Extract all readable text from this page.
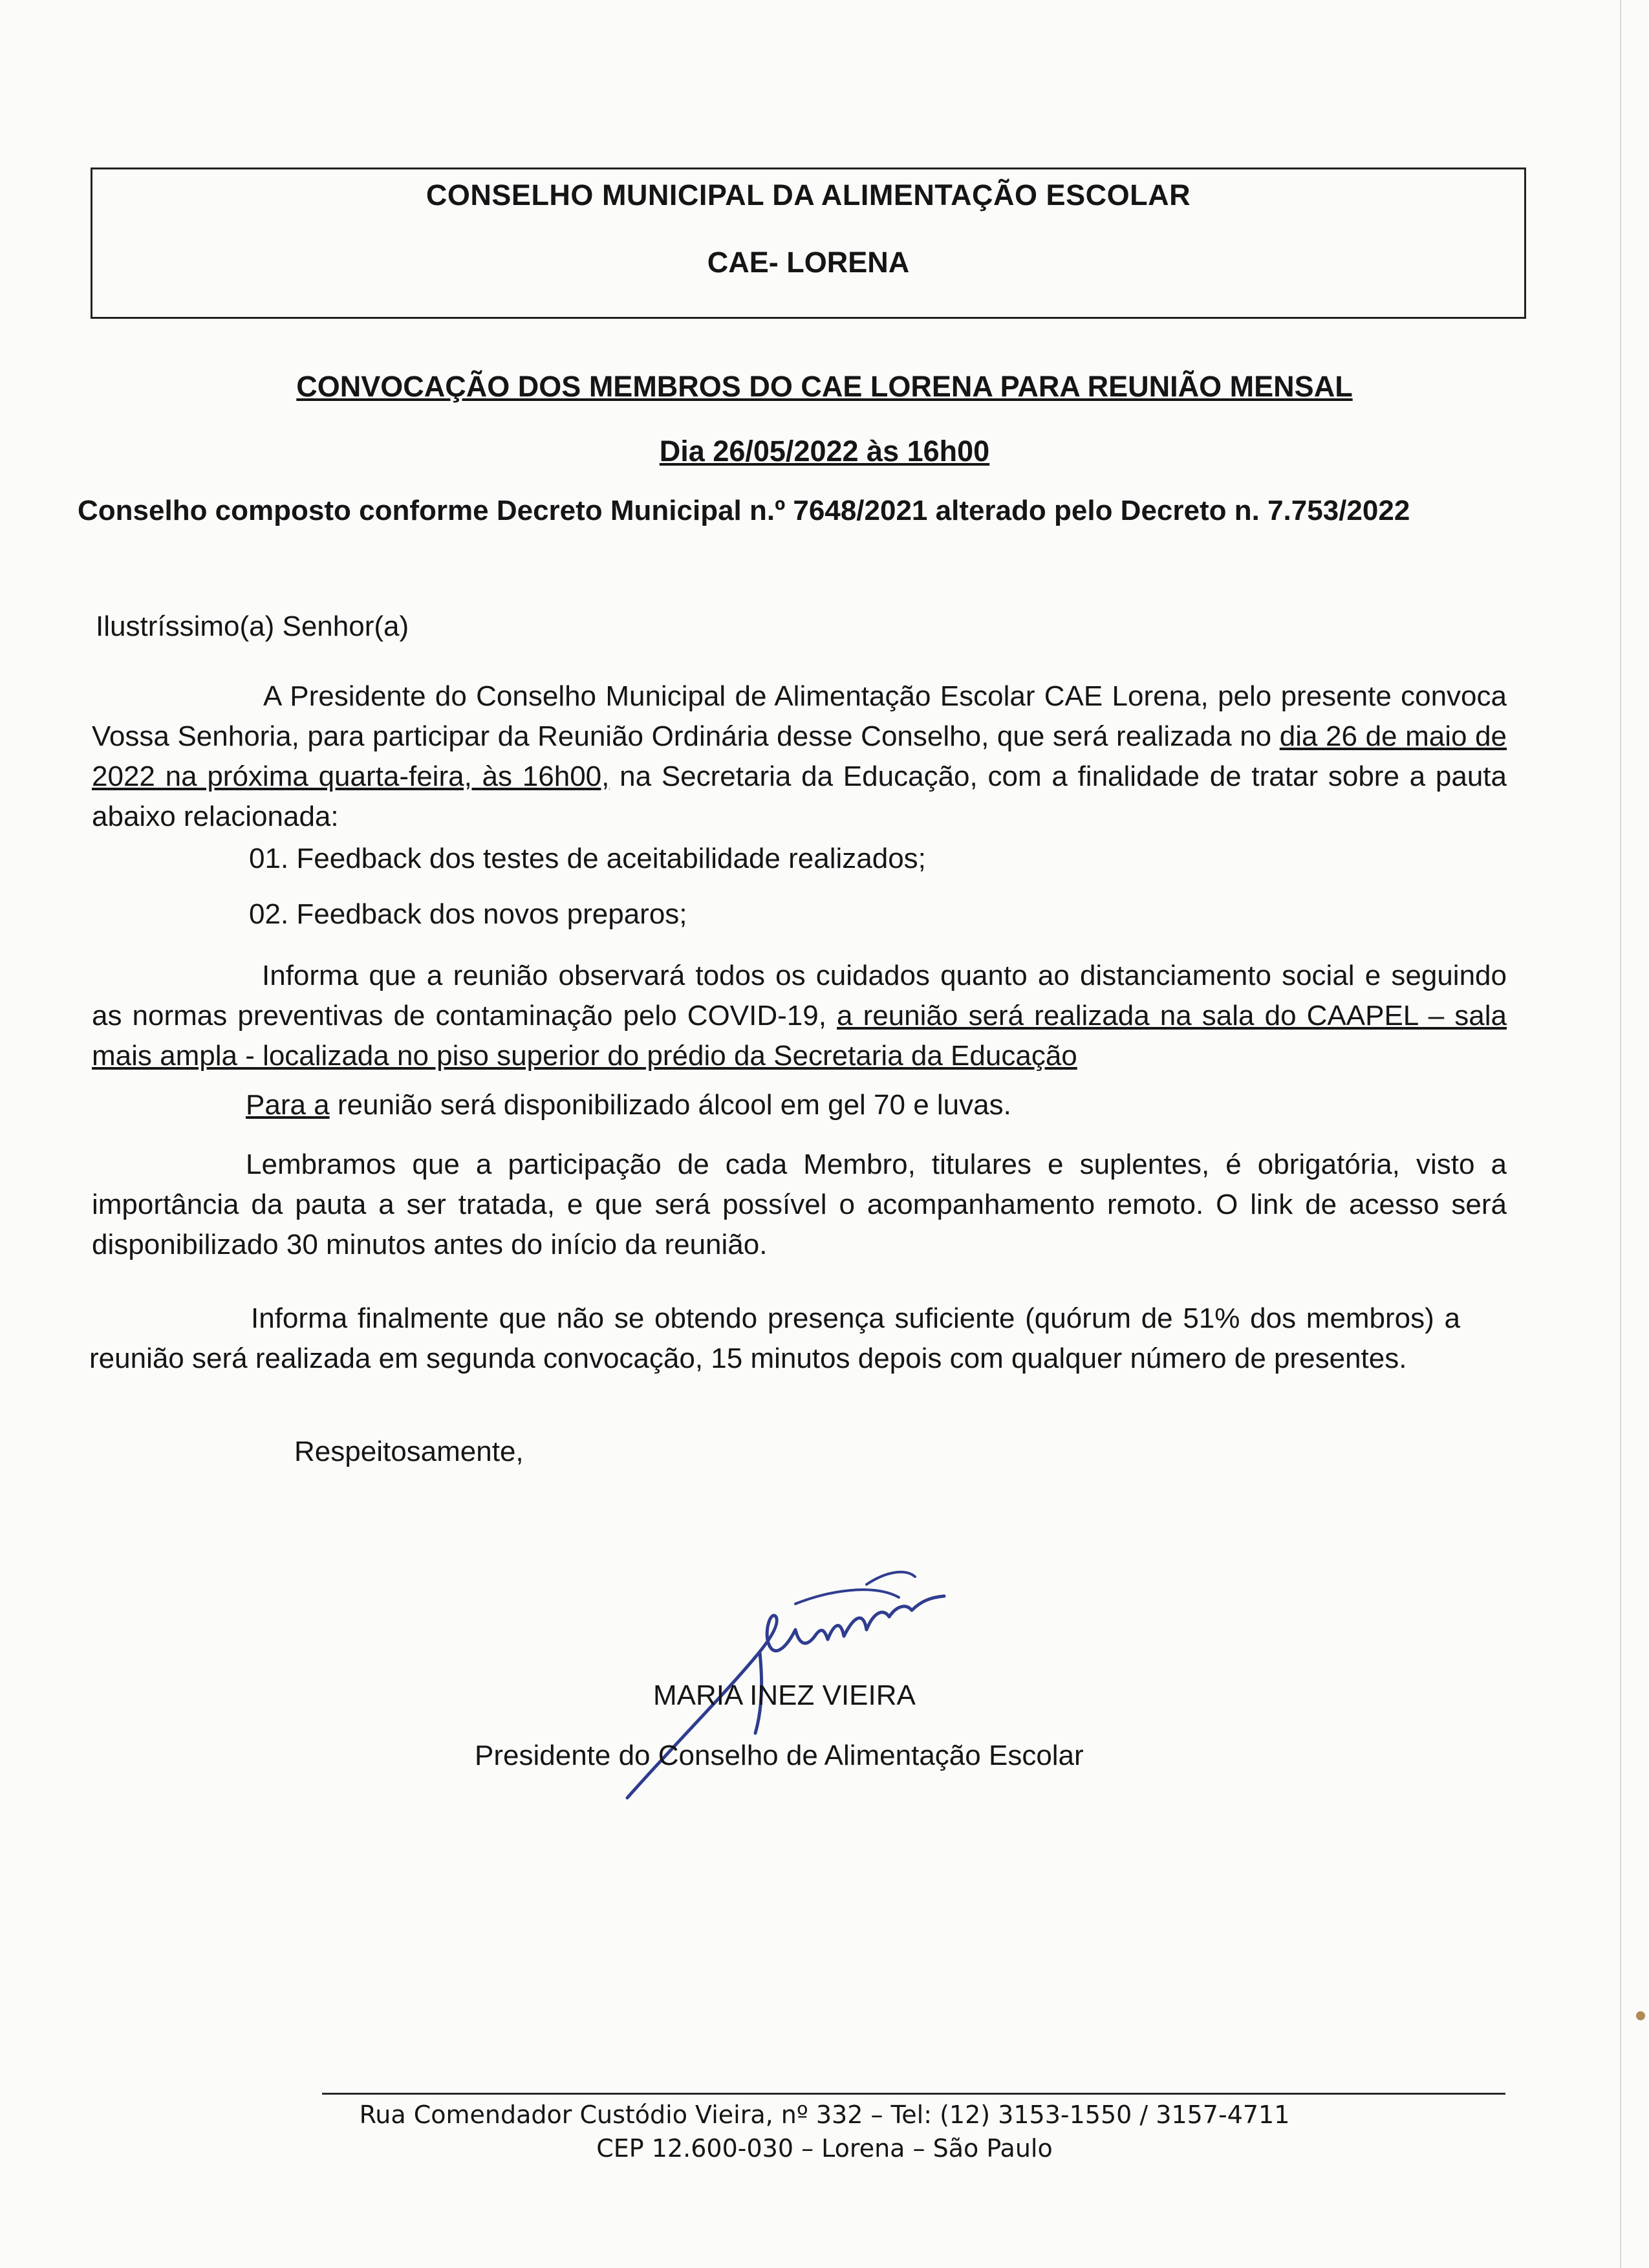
CONSELHO MUNICIPAL DA ALIMENTAÇÃO ESCOLAR
CAE- LORENA
CONVOCAÇÃO DOS MEMBROS DO CAE LORENA PARA REUNIÃO MENSAL
Dia 26/05/2022 às 16h00
Conselho composto conforme Decreto Municipal n.º 7648/2021 alterado pelo Decreto n. 7.753/2022
Ilustríssimo(a) Senhor(a)
A Presidente do Conselho Municipal de Alimentação Escolar CAE Lorena, pelo presente convoca Vossa Senhoria, para participar da Reunião Ordinária desse Conselho, que será realizada no dia 26 de maio de 2022 na próxima quarta-feira, às 16h00, na Secretaria da Educação, com a finalidade de tratar sobre a pauta abaixo relacionada:
01. Feedback dos testes de aceitabilidade realizados;
02. Feedback dos novos preparos;
Informa que a reunião observará todos os cuidados quanto ao distanciamento social e seguindo as normas preventivas de contaminação pelo COVID-19, a reunião será realizada na sala do CAAPEL – sala mais ampla - localizada no piso superior do prédio da Secretaria da Educação
Para a reunião será disponibilizado álcool em gel 70 e luvas.
Lembramos que a participação de cada Membro, titulares e suplentes, é obrigatória, visto a importância da pauta a ser tratada, e que será possível o acompanhamento remoto. O link de acesso será disponibilizado 30 minutos antes do início da reunião.
Informa finalmente que não se obtendo presença suficiente (quórum de 51% dos membros) a reunião será realizada em segunda convocação, 15 minutos depois com qualquer número de presentes.
Respeitosamente,
MARIA INEZ VIEIRA
Presidente do Conselho de Alimentação Escolar
Rua Comendador Custódio Vieira, nº 332 – Tel: (12) 3153-1550 / 3157-4711
CEP 12.600-030 – Lorena – São Paulo
